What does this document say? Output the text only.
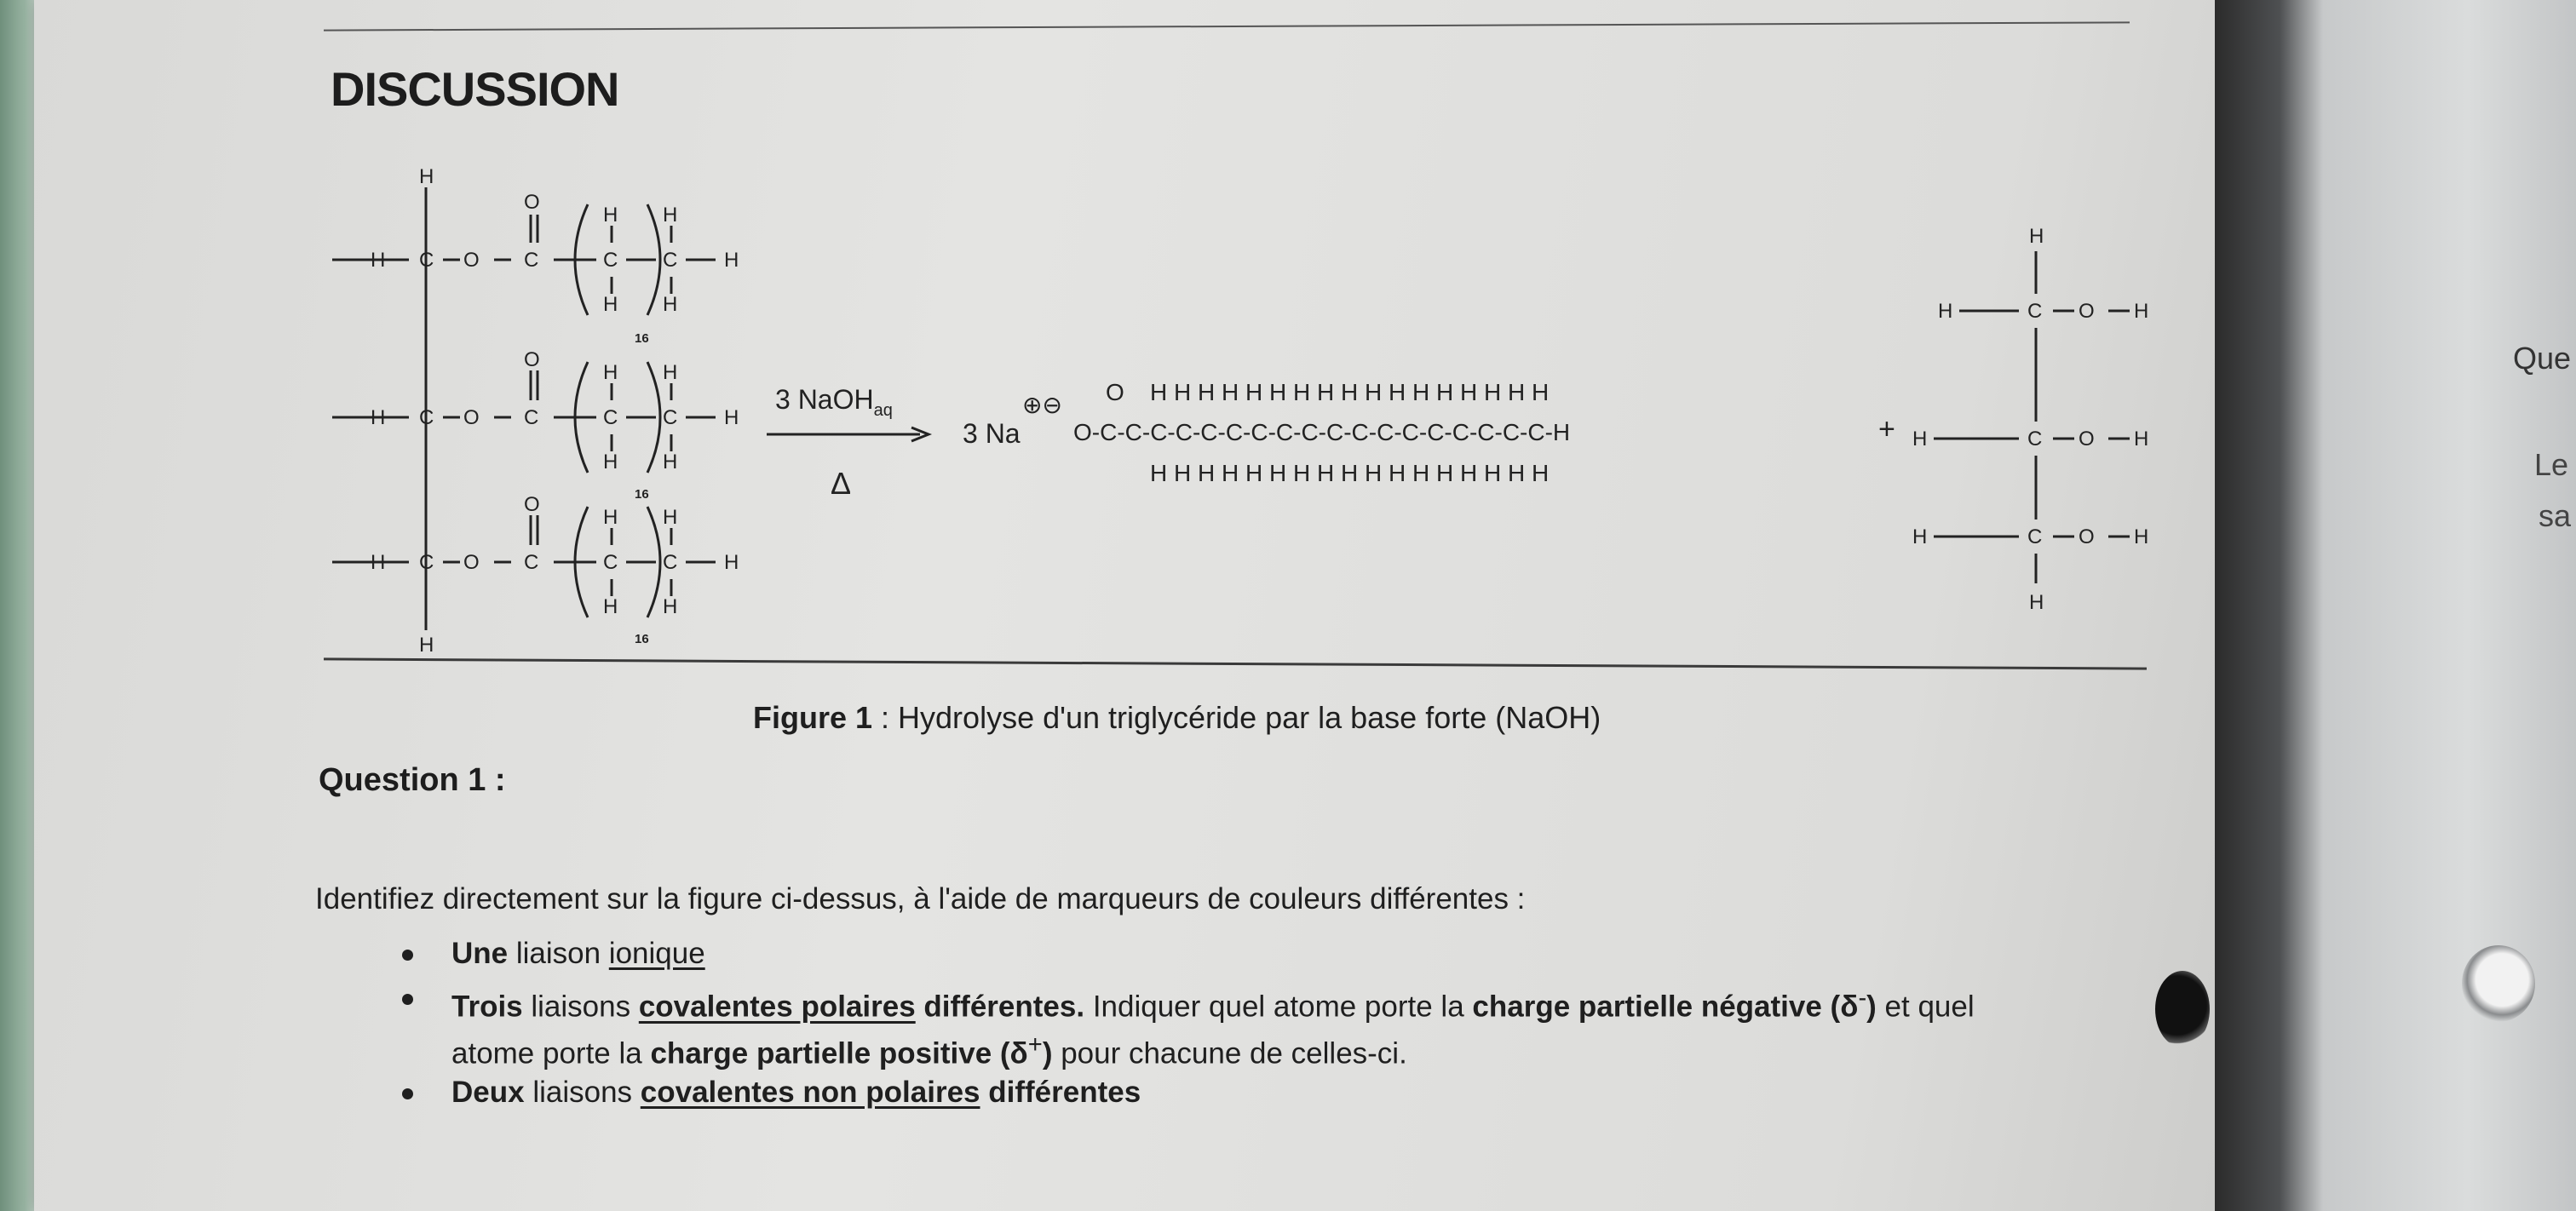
DISCUSSION
H
H C O C
O
H
C
H
H
C
H
H
H C O C
O
H
C
H
H
C
H
H
H C O C
O
H
C
H
H
C
H
H
H
16
16
16
3 NaOH$_{aq}$
Δ
3 Na
⊕⊖ O
O-C-C-C-C-C-C-C-C-C-C-C-C-C-C-C-C-C-C-H
H H H H H H H H H H H H H H H H H
H H H H H H H H H H H H H H H H H
+
H
H	C O H
H	C O H
H	C O H
H
Figure 1 : Hydrolyse d'un triglycéride par la base forte (NaOH)
Question 1 :
Identifiez directement sur la figure ci-dessus, à l'aide de marqueurs de couleurs différentes :
Une liaison ionique
Trois liaisons covalentes polaires différentes. Indiquer quel atome porte la charge partielle négative (δ-) et quel
atome porte la charge partielle positive (δ+) pour chacune de celles-ci.
Deux liaisons covalentes non polaires différentes
Que
Le
sa
